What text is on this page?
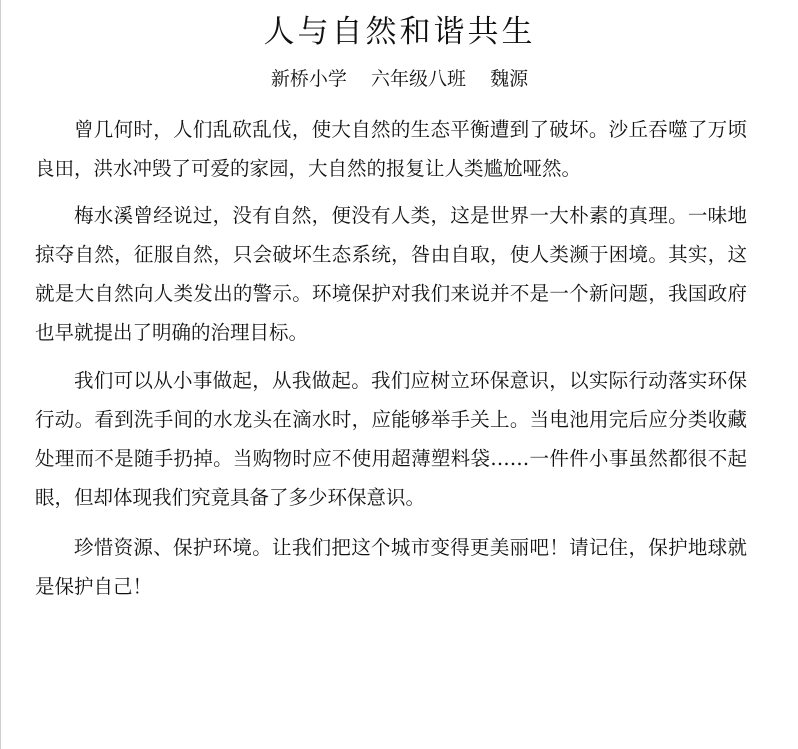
人与自然和谐共生
新桥小学    六年级八班    魏源

曾几何时，人们乱砍乱伐，使大自然的生态平衡遭到了破坏。沙丘吞噬了万顷良田，洪水冲毁了可爱的家园，大自然的报复让人类尴尬哑然。

梅水溪曾经说过，没有自然，便没有人类，这是世界一大朴素的真理。一味地掠夺自然，征服自然，只会破坏生态系统，咎由自取，使人类濒于困境。其实，这就是大自然向人类发出的警示。环境保护对我们来说并不是一个新问题，我国政府也早就提出了明确的治理目标。

我们可以从小事做起，从我做起。我们应树立环保意识，以实际行动落实环保行动。看到洗手间的水龙头在滴水时，应能够举手关上。当电池用完后应分类收藏处理而不是随手扔掉。当购物时应不使用超薄塑料袋……一件件小事虽然都很不起眼，但却体现我们究竟具备了多少环保意识。

珍惜资源、保护环境。让我们把这个城市变得更美丽吧！请记住，保护地球就是保护自己！
